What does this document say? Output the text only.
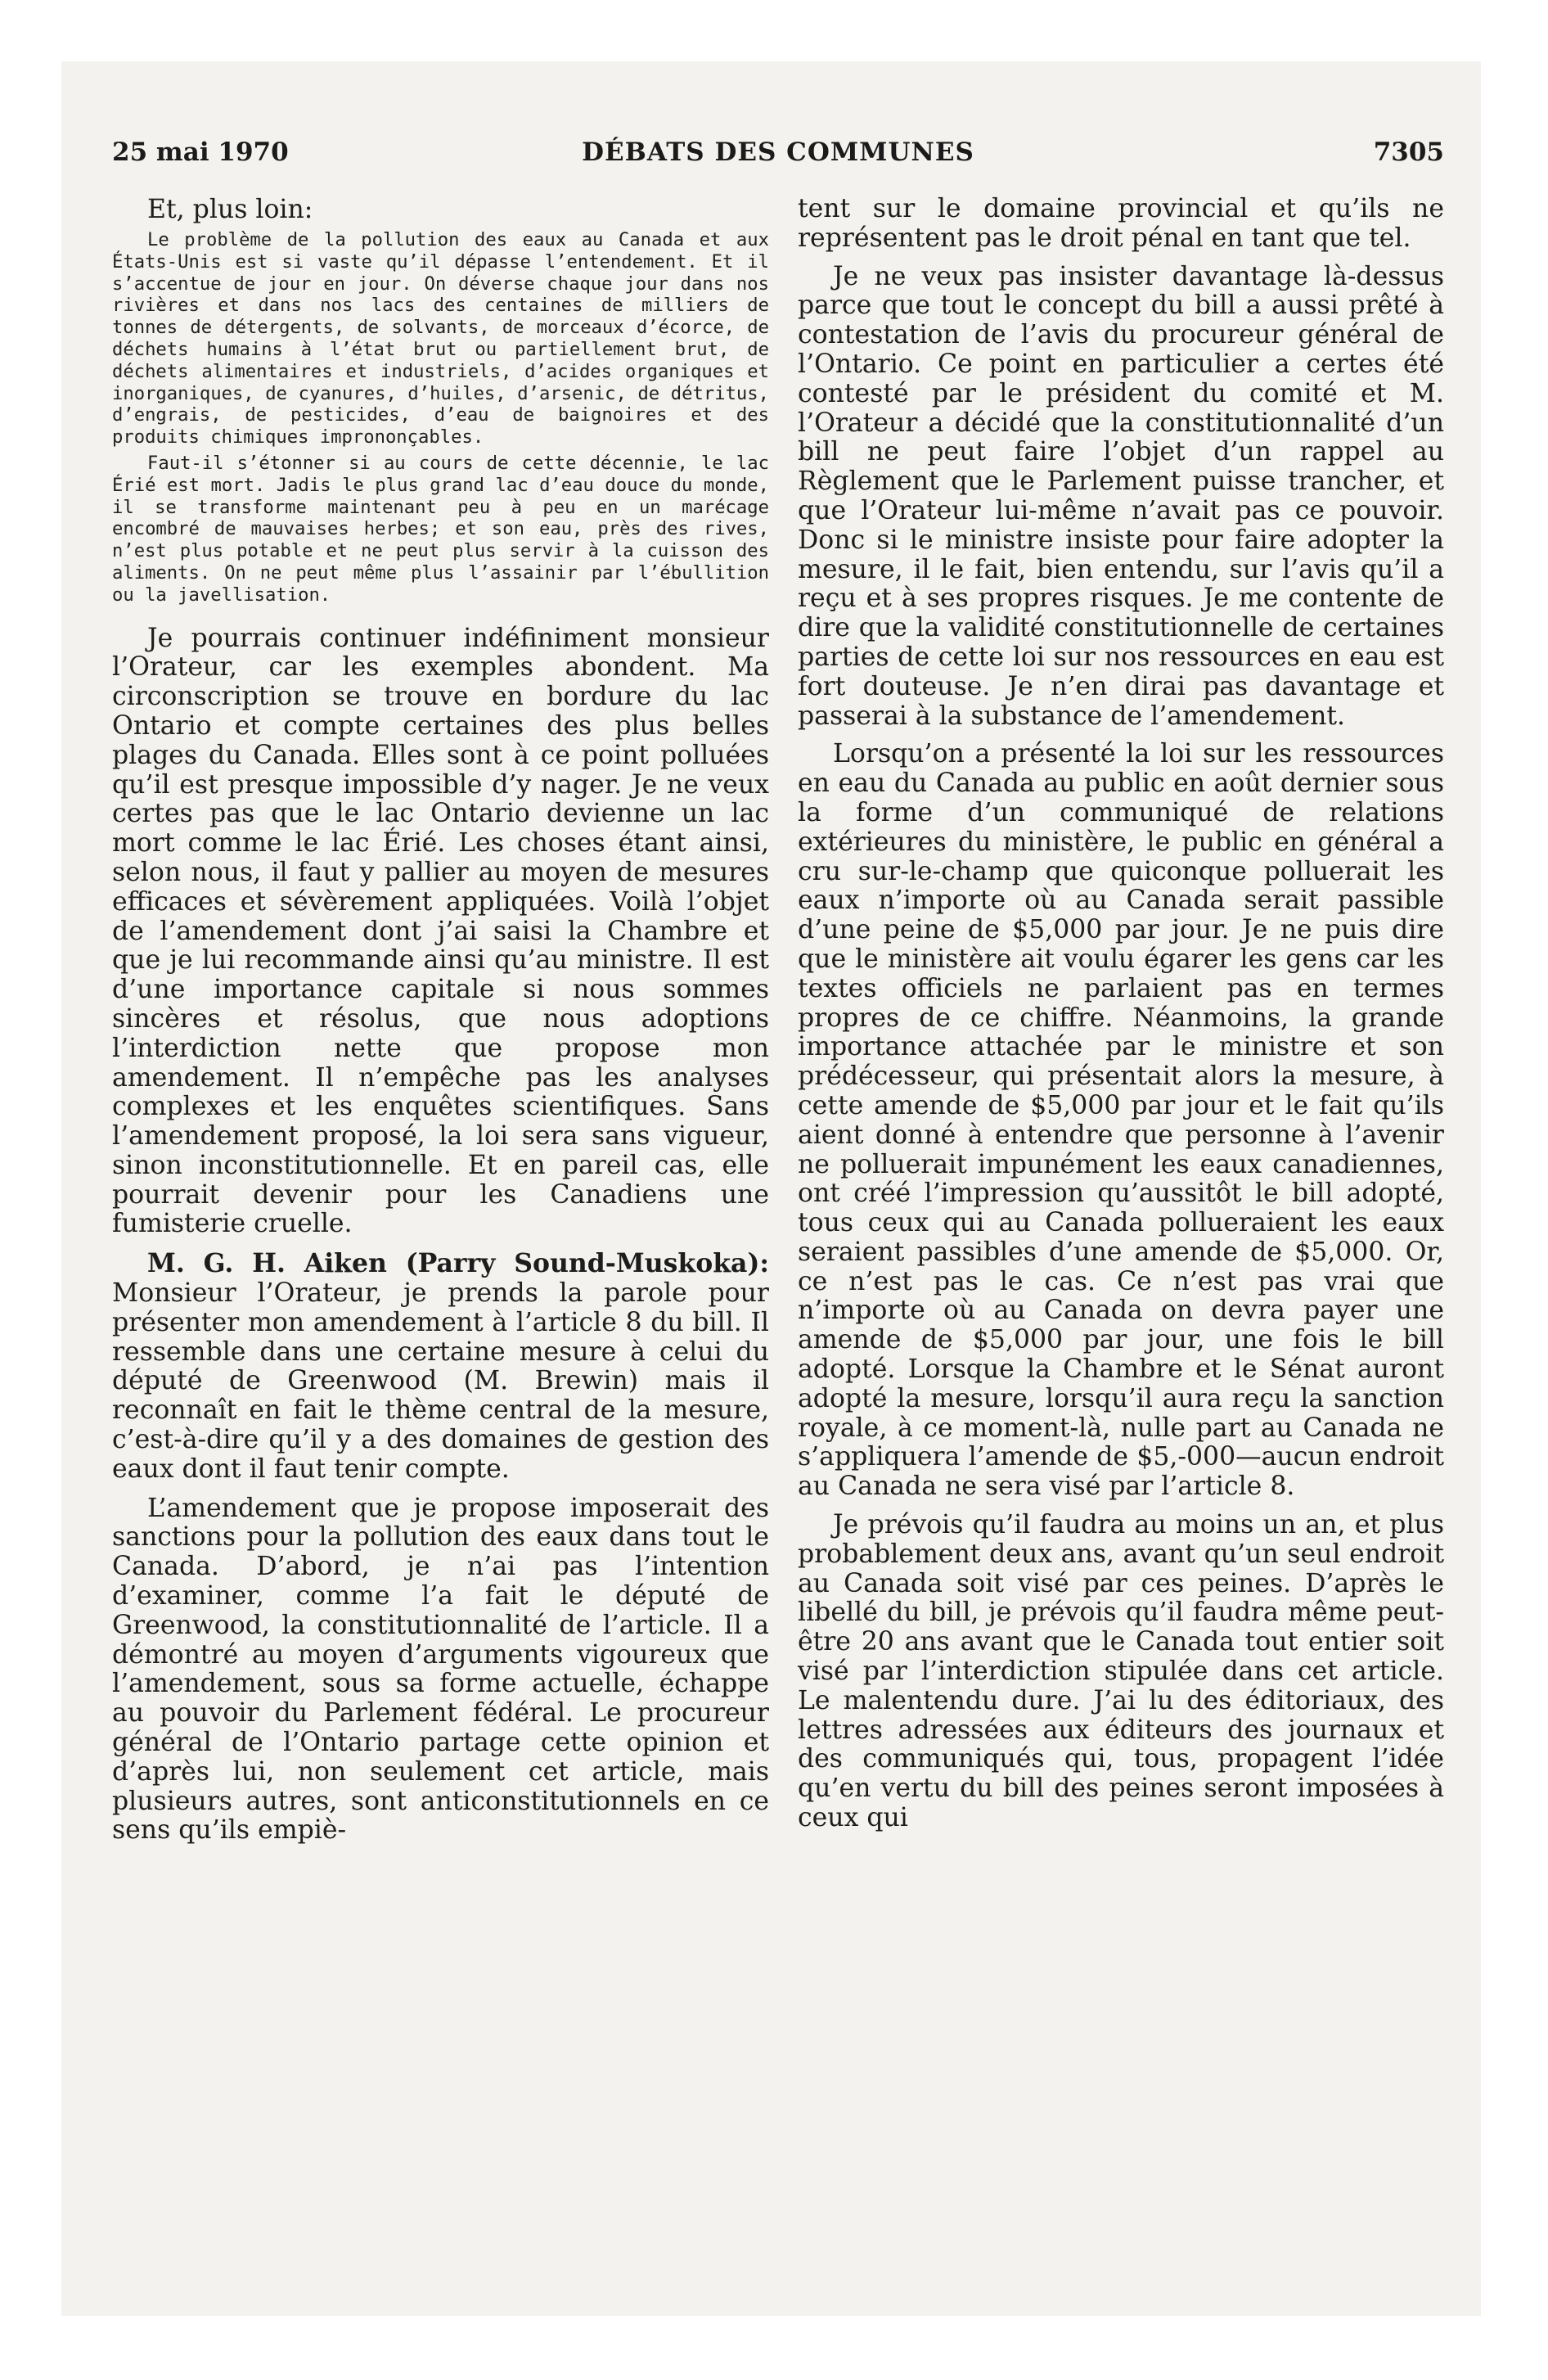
25 mai 1970	DÉBATS DES COMMUNES	7305

Et, plus loin:

Le problème de la pollution des eaux au Canada et aux États-Unis est si vaste qu’il dépasse l’entendement. Et il s’accentue de jour en jour. On déverse chaque jour dans nos rivières et dans nos lacs des centaines de milliers de tonnes de détergents, de solvants, de morceaux d’écorce, de déchets humains à l’état brut ou partiellement brut, de déchets alimentaires et industriels, d’acides organiques et inorganiques, de cyanures, d’huiles, d’arsenic, de détritus, d’engrais, de pesticides, d’eau de baignoires et des produits chimiques imprononçables.

Faut-il s’étonner si au cours de cette décennie, le lac Érié est mort. Jadis le plus grand lac d’eau douce du monde, il se transforme maintenant peu à peu en un marécage encombré de mauvaises herbes; et son eau, près des rives, n’est plus potable et ne peut plus servir à la cuisson des aliments. On ne peut même plus l’assainir par l’ébullition ou la javellisation.

Je pourrais continuer indéfiniment monsieur l’Orateur, car les exemples abondent. Ma circonscription se trouve en bordure du lac Ontario et compte certaines des plus belles plages du Canada. Elles sont à ce point polluées qu’il est presque impossible d’y nager. Je ne veux certes pas que le lac Ontario devienne un lac mort comme le lac Érié. Les choses étant ainsi, selon nous, il faut y pallier au moyen de mesures efficaces et sévèrement appliquées. Voilà l’objet de l’amendement dont j’ai saisi la Chambre et que je lui recommande ainsi qu’au ministre. Il est d’une importance capitale si nous sommes sincères et résolus, que nous adoptions l’interdiction nette que propose mon amendement. Il n’empêche pas les analyses complexes et les enquêtes scientifiques. Sans l’amendement proposé, la loi sera sans vigueur, sinon inconstitutionnelle. Et en pareil cas, elle pourrait devenir pour les Canadiens une fumisterie cruelle.

M. G. H. Aiken (Parry Sound-Muskoka): Monsieur l’Orateur, je prends la parole pour présenter mon amendement à l’article 8 du bill. Il ressemble dans une certaine mesure à celui du député de Greenwood (M. Brewin) mais il reconnaît en fait le thème central de la mesure, c’est-à-dire qu’il y a des domaines de gestion des eaux dont il faut tenir compte.

L’amendement que je propose imposerait des sanctions pour la pollution des eaux dans tout le Canada. D’abord, je n’ai pas l’intention d’examiner, comme l’a fait le député de Greenwood, la constitutionnalité de l’article. Il a démontré au moyen d’arguments vigoureux que l’amendement, sous sa forme actuelle, échappe au pouvoir du Parlement fédéral. Le procureur général de l’Ontario partage cette opinion et d’après lui, non seulement cet article, mais plusieurs autres, sont anticonstitutionnels en ce sens qu’ils empiè-

tent sur le domaine provincial et qu’ils ne représentent pas le droit pénal en tant que tel.

Je ne veux pas insister davantage là-dessus parce que tout le concept du bill a aussi prêté à contestation de l’avis du procureur général de l’Ontario. Ce point en particulier a certes été contesté par le président du comité et M. l’Orateur a décidé que la constitutionnalité d’un bill ne peut faire l’objet d’un rappel au Règlement que le Parlement puisse trancher, et que l’Orateur lui-même n’avait pas ce pouvoir. Donc si le ministre insiste pour faire adopter la mesure, il le fait, bien entendu, sur l’avis qu’il a reçu et à ses propres risques. Je me contente de dire que la validité constitutionnelle de certaines parties de cette loi sur nos ressources en eau est fort douteuse. Je n’en dirai pas davantage et passerai à la substance de l’amendement.

Lorsqu’on a présenté la loi sur les ressources en eau du Canada au public en août dernier sous la forme d’un communiqué de relations extérieures du ministère, le public en général a cru sur-le-champ que quiconque polluerait les eaux n’importe où au Canada serait passible d’une peine de $5,000 par jour. Je ne puis dire que le ministère ait voulu égarer les gens car les textes officiels ne parlaient pas en termes propres de ce chiffre. Néanmoins, la grande importance attachée par le ministre et son prédécesseur, qui présentait alors la mesure, à cette amende de $5,000 par jour et le fait qu’ils aient donné à entendre que personne à l’avenir ne polluerait impunément les eaux canadiennes, ont créé l’impression qu’aussitôt le bill adopté, tous ceux qui au Canada pollueraient les eaux seraient passibles d’une amende de $5,000. Or, ce n’est pas le cas. Ce n’est pas vrai que n’importe où au Canada on devra payer une amende de $5,000 par jour, une fois le bill adopté. Lorsque la Chambre et le Sénat auront adopté la mesure, lorsqu’il aura reçu la sanction royale, à ce moment-là, nulle part au Canada ne s’appliquera l’amende de $5,-000—aucun endroit au Canada ne sera visé par l’article 8.

Je prévois qu’il faudra au moins un an, et plus probablement deux ans, avant qu’un seul endroit au Canada soit visé par ces peines. D’après le libellé du bill, je prévois qu’il faudra même peut-être 20 ans avant que le Canada tout entier soit visé par l’interdiction stipulée dans cet article. Le malentendu dure. J’ai lu des éditoriaux, des lettres adressées aux éditeurs des journaux et des communiqués qui, tous, propagent l’idée qu’en vertu du bill des peines seront imposées à ceux qui
